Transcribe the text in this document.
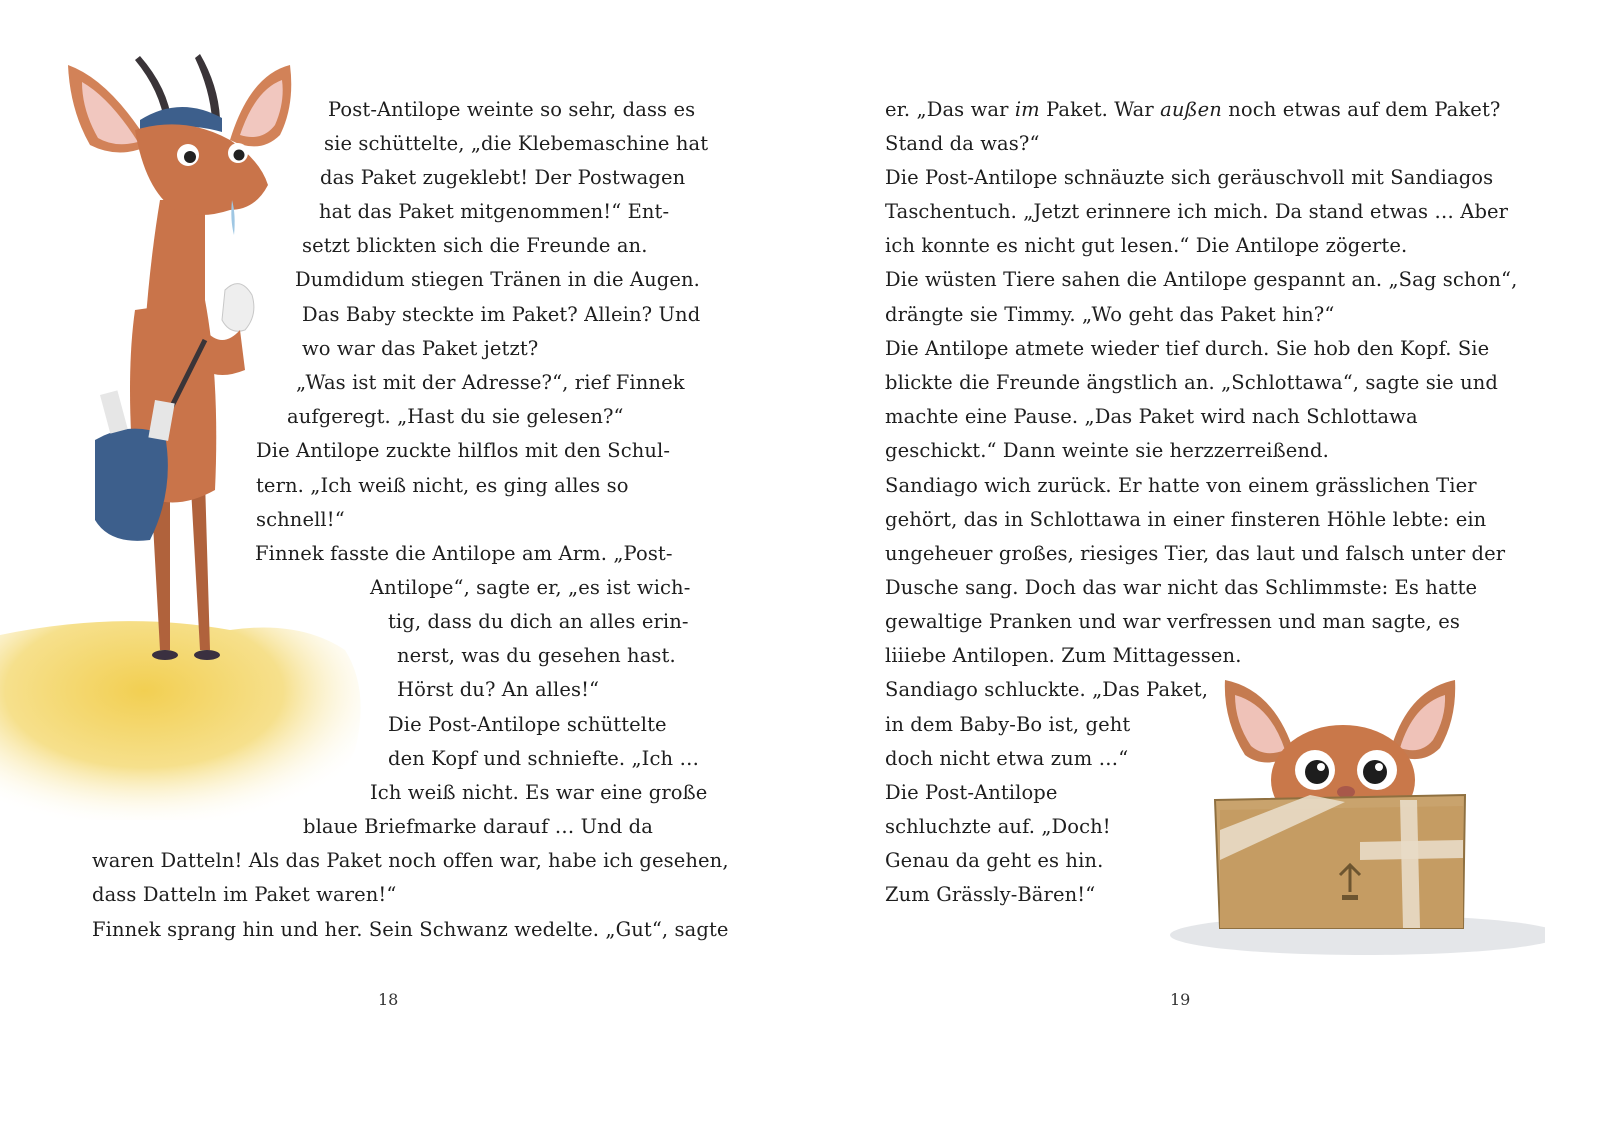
Post-Antilope weinte so sehr, dass es
sie schüttelte, „die Klebemaschine hat
das Paket zugeklebt! Der Postwagen
hat das Paket mitgenommen!“ Ent-
setzt blickten sich die Freunde an.
Dumdidum stiegen Tränen in die Augen.
Das Baby steckte im Paket? Allein? Und
wo war das Paket jetzt?
„Was ist mit der Adresse?“, rief Finnek
aufgeregt. „Hast du sie gelesen?“
Die Antilope zuckte hilflos mit den Schul-
tern. „Ich weiß nicht, es ging alles so
schnell!“
Finnek fasste die Antilope am Arm. „Post-
Antilope“, sagte er, „es ist wich-
tig, dass du dich an alles erin-
nerst, was du gesehen hast.
Hörst du? An alles!“
Die Post-Antilope schüttelte
den Kopf und schniefte. „Ich …
Ich weiß nicht. Es war eine große
blaue Briefmarke darauf … Und da
waren Datteln! Als das Paket noch offen war, habe ich gesehen,
dass Datteln im Paket waren!“
Finnek sprang hin und her. Sein Schwanz wedelte. „Gut“, sagte
18
er. „Das war im Paket. War außen noch etwas auf dem Paket?
Stand da was?“
Die Post-Antilope schnäuzte sich geräuschvoll mit Sandiagos
Taschentuch. „Jetzt erinnere ich mich. Da stand etwas … Aber
ich konnte es nicht gut lesen.“ Die Antilope zögerte.
Die wüsten Tiere sahen die Antilope gespannt an. „Sag schon“,
drängte sie Timmy. „Wo geht das Paket hin?“
Die Antilope atmete wieder tief durch. Sie hob den Kopf. Sie
blickte die Freunde ängstlich an. „Schlottawa“, sagte sie und
machte eine Pause. „Das Paket wird nach Schlottawa
geschickt.“ Dann weinte sie herzzerreißend.
Sandiago wich zurück. Er hatte von einem grässlichen Tier
gehört, das in Schlottawa in einer finsteren Höhle lebte: ein
ungeheuer großes, riesiges Tier, das laut und falsch unter der
Dusche sang. Doch das war nicht das Schlimmste: Es hatte
gewaltige Pranken und war verfressen und man sagte, es
liiiebe Antilopen. Zum Mittagessen.
Sandiago schluckte. „Das Paket,
in dem Baby-Bo ist, geht
doch nicht etwa zum …“
Die Post-Antilope
schluchzte auf. „Doch!
Genau da geht es hin.
Zum Grässly-Bären!“
19
